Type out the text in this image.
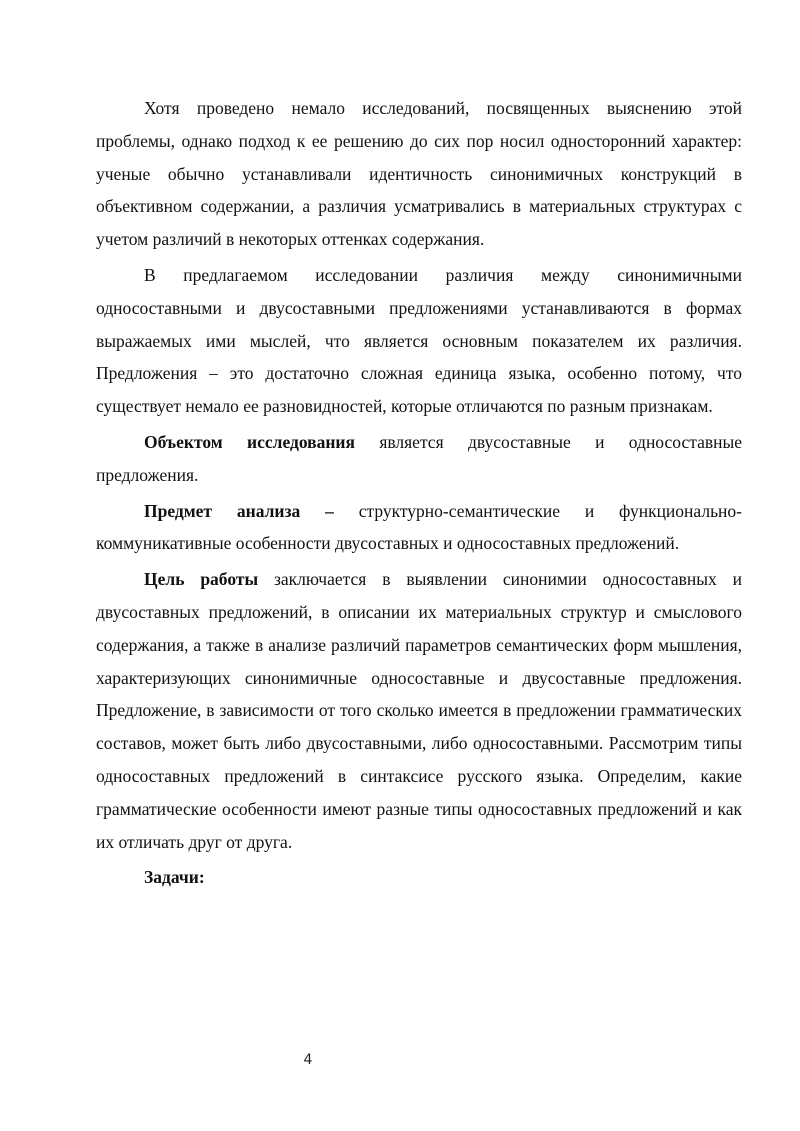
Хотя проведено немало исследований, посвященных выяснению этой проблемы, однако подход к ее решению до сих пор носил односторонний характер: ученые обычно устанавливали идентичность синонимичных конструкций в объективном содержании, а различия усматривались в материальных структурах с учетом различий в некоторых оттенках содержания.

В предлагаемом исследовании различия между синонимичными односоставными и двусоставными предложениями устанавливаются в формах выражаемых ими мыслей, что является основным показателем их различия. Предложения – это достаточно сложная единица языка, особенно потому, что существует немало ее разновидностей, которые отличаются по разным признакам.

Объектом исследования является двусоставные и односоставные предложения.

Предмет анализа – структурно-семантические и функционально-коммуникативные особенности двусоставных и односоставных предложений.

Цель работы заключается в выявлении синонимии односоставных и двусоставных предложений, в описании их материальных структур и смыслового содержания, а также в анализе различий параметров семантических форм мышления, характеризующих синонимичные односоставные и двусоставные предложения. Предложение, в зависимости от того сколько имеется в предложении грамматических составов, может быть либо двусоставными, либо односоставными. Рассмотрим типы односоставных предложений в синтаксисе русского языка. Определим, какие грамматические особенности имеют разные типы односоставных предложений и как их отличать друг от друга.

Задачи:

4
